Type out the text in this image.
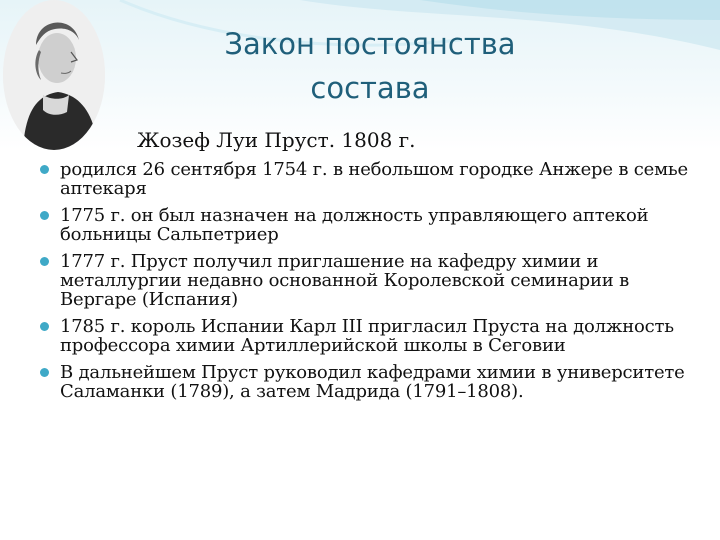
Закон постоянства
состава
Жозеф Луи Пруст. 1808 г.
родился 26 сентября 1754 г. в небольшом городке Анжере в семье аптекаря
1775 г. он был назначен на должность управляющего аптекой больницы Сальпетриер
1777 г. Пруст получил приглашение на кафедру химии и металлургии недавно основанной Королевской семинарии в Вергаре (Испания)
1785 г. король Испании Карл III пригласил Пруста на должность профессора химии Артиллерийской школы в Сеговии
В дальнейшем Пруст руководил кафедрами химии в университете Саламанки (1789), а затем Мадрида (1791–1808).
